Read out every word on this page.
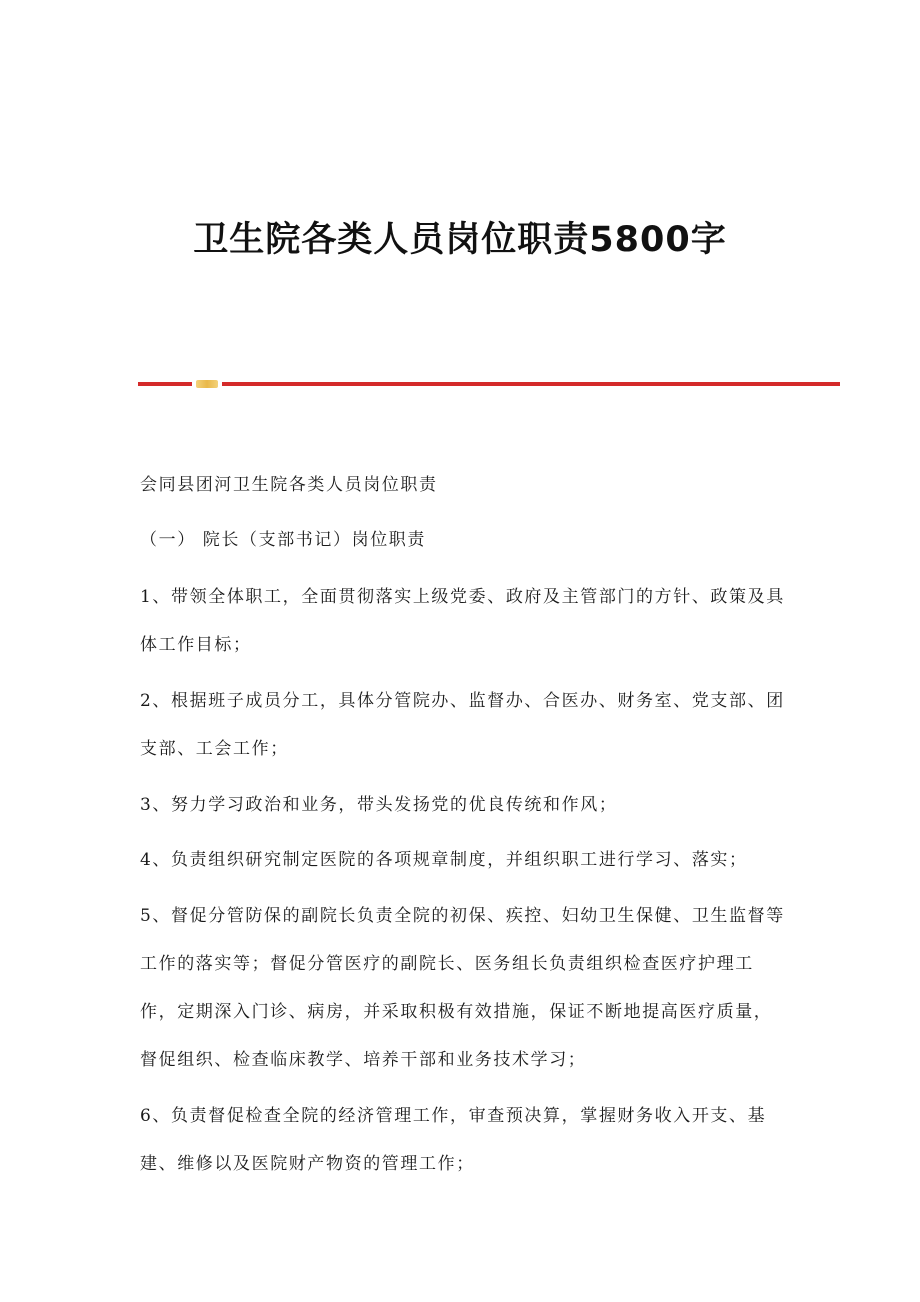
卫生院各类人员岗位职责5800字
会同县团河卫生院各类人员岗位职责
（一） 院长（支部书记）岗位职责
1、带领全体职工，全面贯彻落实上级党委、政府及主管部门的方针、政策及具
体工作目标；
2、根据班子成员分工，具体分管院办、监督办、合医办、财务室、党支部、团
支部、工会工作；
3、努力学习政治和业务，带头发扬党的优良传统和作风；
4、负责组织研究制定医院的各项规章制度，并组织职工进行学习、落实；
5、督促分管防保的副院长负责全院的初保、疾控、妇幼卫生保健、卫生监督等
工作的落实等；督促分管医疗的副院长、医务组长负责组织检查医疗护理工
作，定期深入门诊、病房，并采取积极有效措施，保证不断地提高医疗质量，
督促组织、检查临床教学、培养干部和业务技术学习；
6、负责督促检查全院的经济管理工作，审查预决算，掌握财务收入开支、基
建、维修以及医院财产物资的管理工作；
